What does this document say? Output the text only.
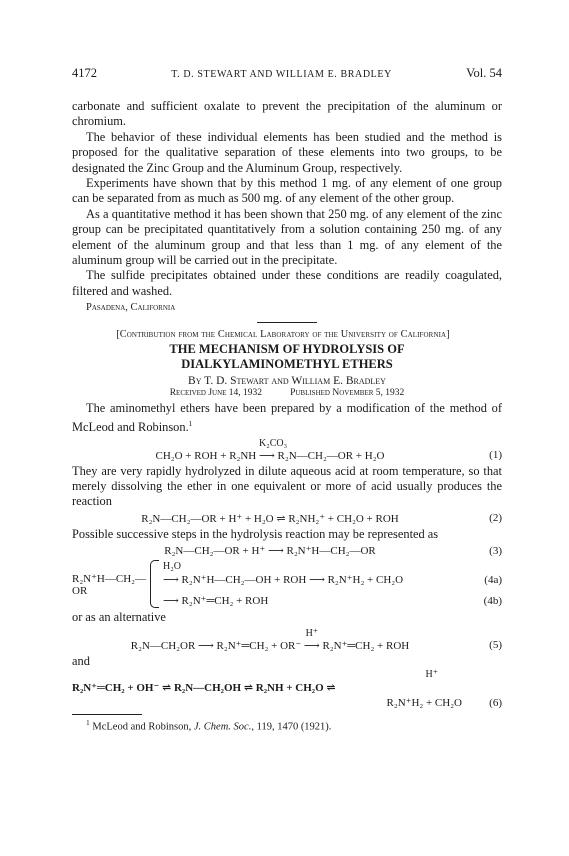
4172	T. D. STEWART AND WILLIAM E. BRADLEY	Vol. 54

carbonate and sufficient oxalate to prevent the precipitation of the aluminum or chromium.

The behavior of these individual elements has been studied and the method is proposed for the qualitative separation of these elements into two groups, to be designated the Zinc Group and the Aluminum Group, respectively.

Experiments have shown that by this method 1 mg. of any element of one group can be separated from as much as 500 mg. of any element of the other group.

As a quantitative method it has been shown that 250 mg. of any element of the zinc group can be precipitated quantitatively from a solution containing 250 mg. of any element of the aluminum group and that less than 1 mg. of any element of the aluminum group will be carried out in the precipitate.

The sulfide precipitates obtained under these conditions are readily coagulated, filtered and washed.

Pasadena, California
[Contribution from the Chemical Laboratory of the University of California]
THE MECHANISM OF HYDROLYSIS OF
DIALKYLAMINOMETHYL ETHERS
By T. D. Stewart and William E. Bradley
Received June 14, 1932	Published November 5, 1932

The aminomethyl ethers have been prepared by a modification of the method of McLeod and Robinson.$^1$

CH₂O + ROH + R₂NH
K₂CO₃
⟶ R₂N—CH₂—OR + H₂O	(1)

They are very rapidly hydrolyzed in dilute aqueous acid at room temperature, so that merely dissolving the ether in one equivalent or more of acid usually produces the reaction

R₂N—CH₂—OR + H⁺ + H₂O ⇌ R₂NH₂⁺ + CH₂O + ROH	(2)

Possible successive steps in the hydrolysis reaction may be represented as

R₂N—CH₂—OR + H⁺ ⟶ R₂N⁺H—CH₂—OR	(3)
R₂N⁺H—CH₂—OR
H₂O
⟶ R₂N⁺H—CH₂—OH + ROH ⟶ R₂N⁺H₂ + CH₂O	(4a)
⟶ R₂N⁺═CH₂ + ROH	(4b)

or as an alternative

R₂N—CH₂OR ⟶ R₂N⁺═CH₂ + OR⁻
H⁺
⟶ R₂N⁺═CH₂ + ROH	(5)

and

H⁺
R₂N⁺═CH₂ + OH⁻ ⇌ R₂N—CH₂OH ⇌ R₂NH + CH₂O ⇌
R₂N⁺H₂ + CH₂O	(6)
$^1$ McLeod and Robinson, J. Chem. Soc., 119, 1470 (1921).
